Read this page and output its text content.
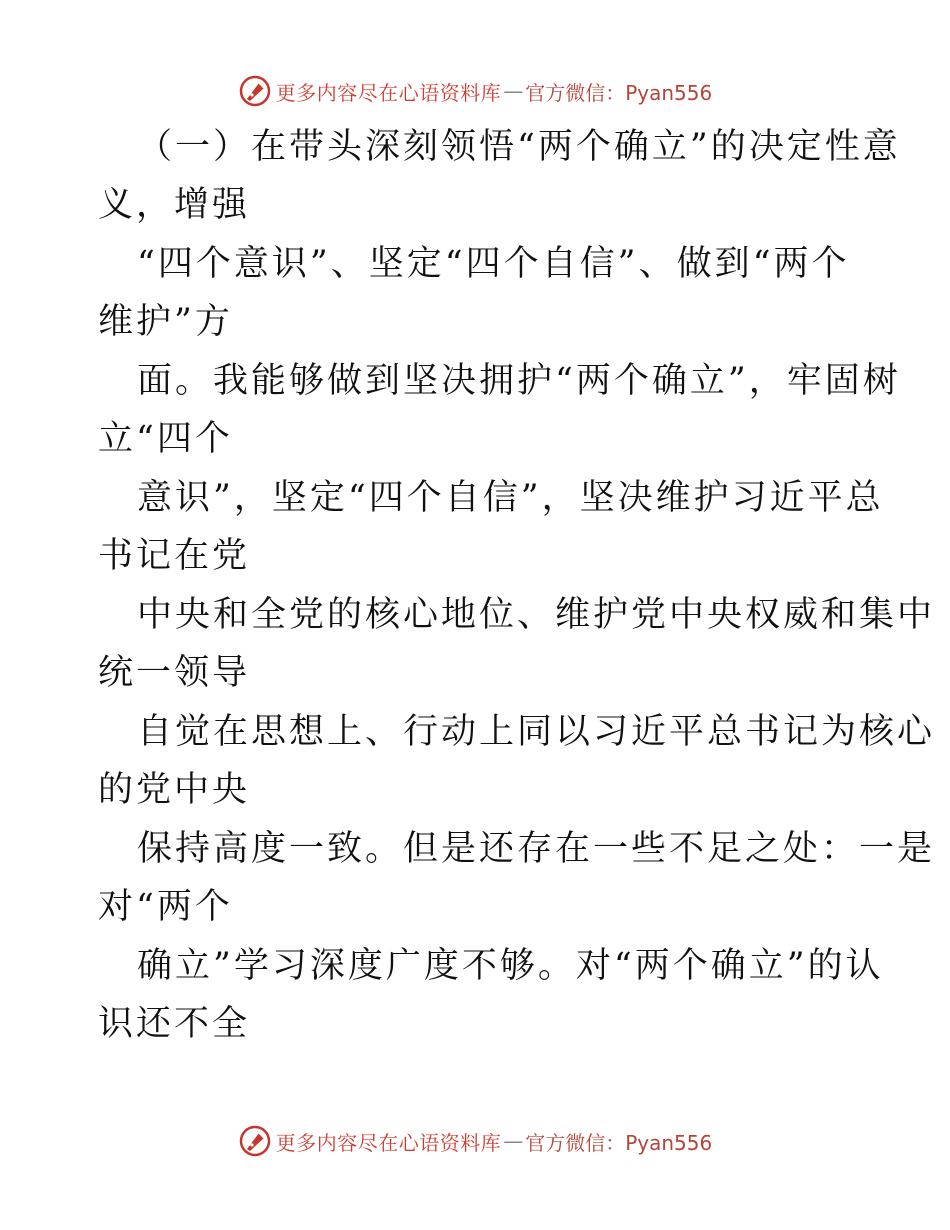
更多内容尽在心语资料库 — 官方微信：Pyan556
（一）在带头深刻领悟“两个确立”的决定性意
义，增强
“四个意识”、坚定“四个自信”、做到“两个
维护”方
面。我能够做到坚决拥护“两个确立”，牢固树
立“四个
意识”，坚定“四个自信”，坚决维护习近平总
书记在党
中央和全党的核心地位、维护党中央权威和集中
统一领导
自觉在思想上、行动上同以习近平总书记为核心
的党中央
保持高度一致。但是还存在一些不足之处：一是
对“两个
确立”学习深度广度不够。对“两个确立”的认
识还不全
更多内容尽在心语资料库 — 官方微信：Pyan556
